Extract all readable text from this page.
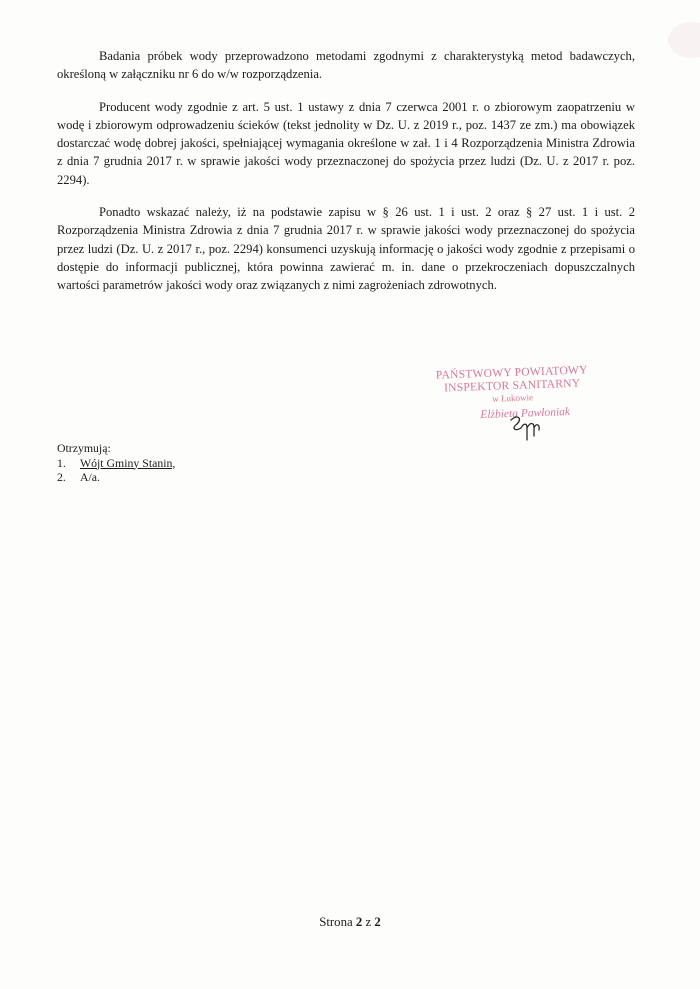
Badania próbek wody przeprowadzono metodami zgodnymi z charakterystyką metod badawczych, określoną w załączniku nr 6 do w/w rozporządzenia.

Producent wody zgodnie z art. 5 ust. 1 ustawy z dnia 7 czerwca 2001 r. o zbiorowym zaopatrzeniu w wodę i zbiorowym odprowadzeniu ścieków (tekst jednolity w Dz. U. z 2019 r., poz. 1437 ze zm.) ma obowiązek dostarczać wodę dobrej jakości, spełniającej wymagania określone w zał. 1 i 4 Rozporządzenia Ministra Zdrowia z dnia 7 grudnia 2017 r. w sprawie jakości wody przeznaczonej do spożycia przez ludzi (Dz. U. z 2017 r. poz. 2294).

Ponadto wskazać należy, iż na podstawie zapisu w § 26 ust. 1 i ust. 2 oraz § 27 ust. 1 i ust. 2 Rozporządzenia Ministra Zdrowia z dnia 7 grudnia 2017 r. w sprawie jakości wody przeznaczonej do spożycia przez ludzi (Dz. U. z 2017 r., poz. 2294) konsumenci uzyskują informację o jakości wody zgodnie z przepisami o dostępie do informacji publicznej, która powinna zawierać m. in. dane o przekroczeniach dopuszczalnych wartości parametrów jakości wody oraz związanych z nimi zagrożeniach zdrowotnych.

PAŃSTWOWY POWIATOWY
INSPEKTOR SANITARNY
w Łukowie
Elżbieta Pawłoniak
Otrzymują:
1.	Wójt Gminy Stanin,
2.	A/a.
Strona 2 z 2
